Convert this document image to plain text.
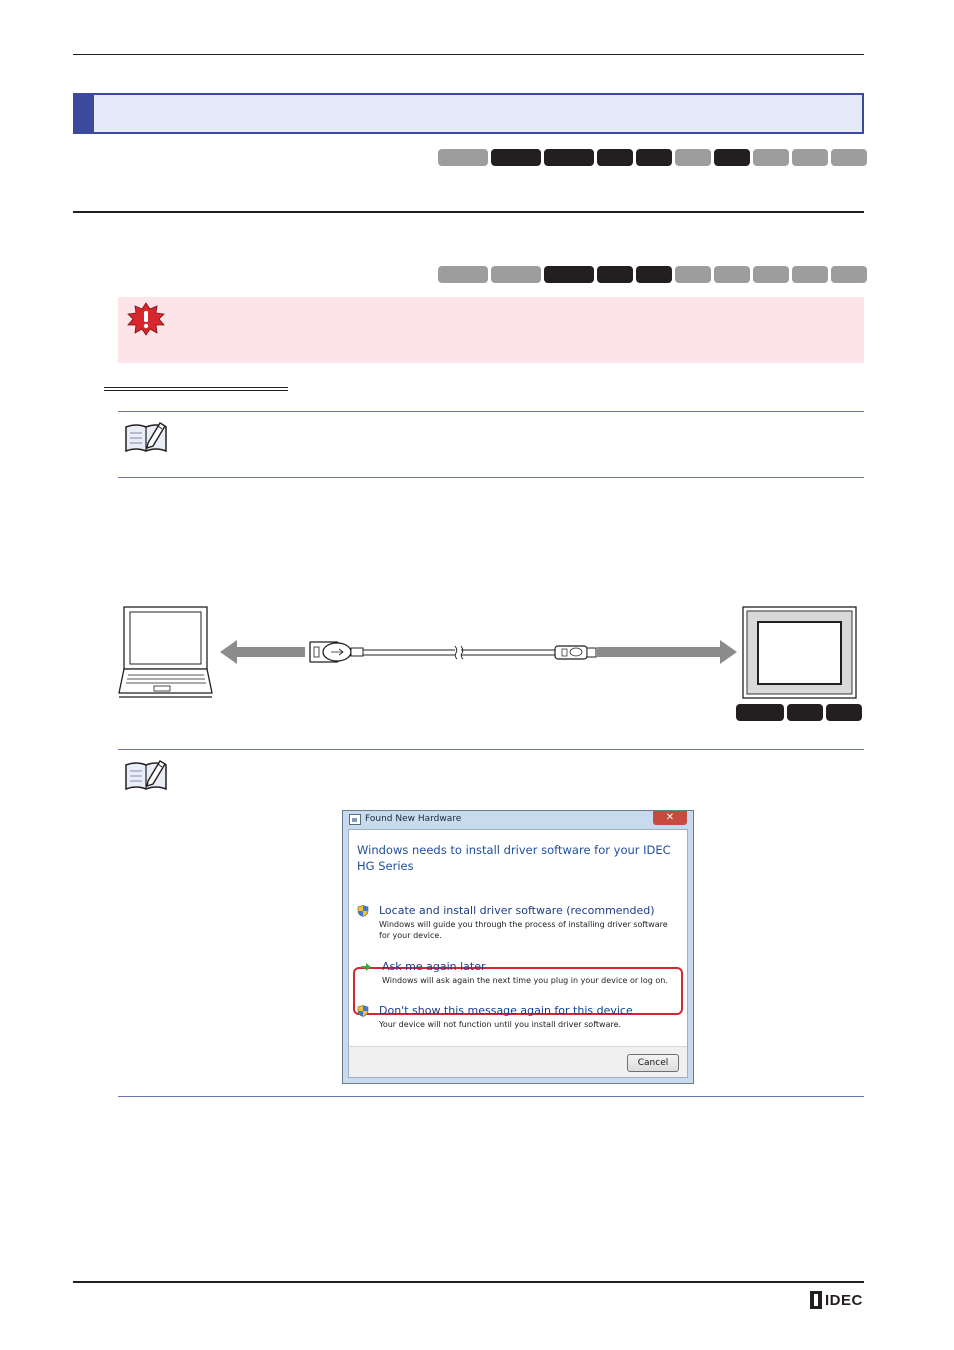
Found New Hardware	✕
Windows needs to install driver software for your IDEC HG Series
Locate and install driver software (recommended)
Windows will guide you through the process of installing driver software for your device.
Ask me again later
Windows will ask again the next time you plug in your device or log on.
Don't show this message again for this device
Your device will not function until you install driver software.
Cancel
IDEC
